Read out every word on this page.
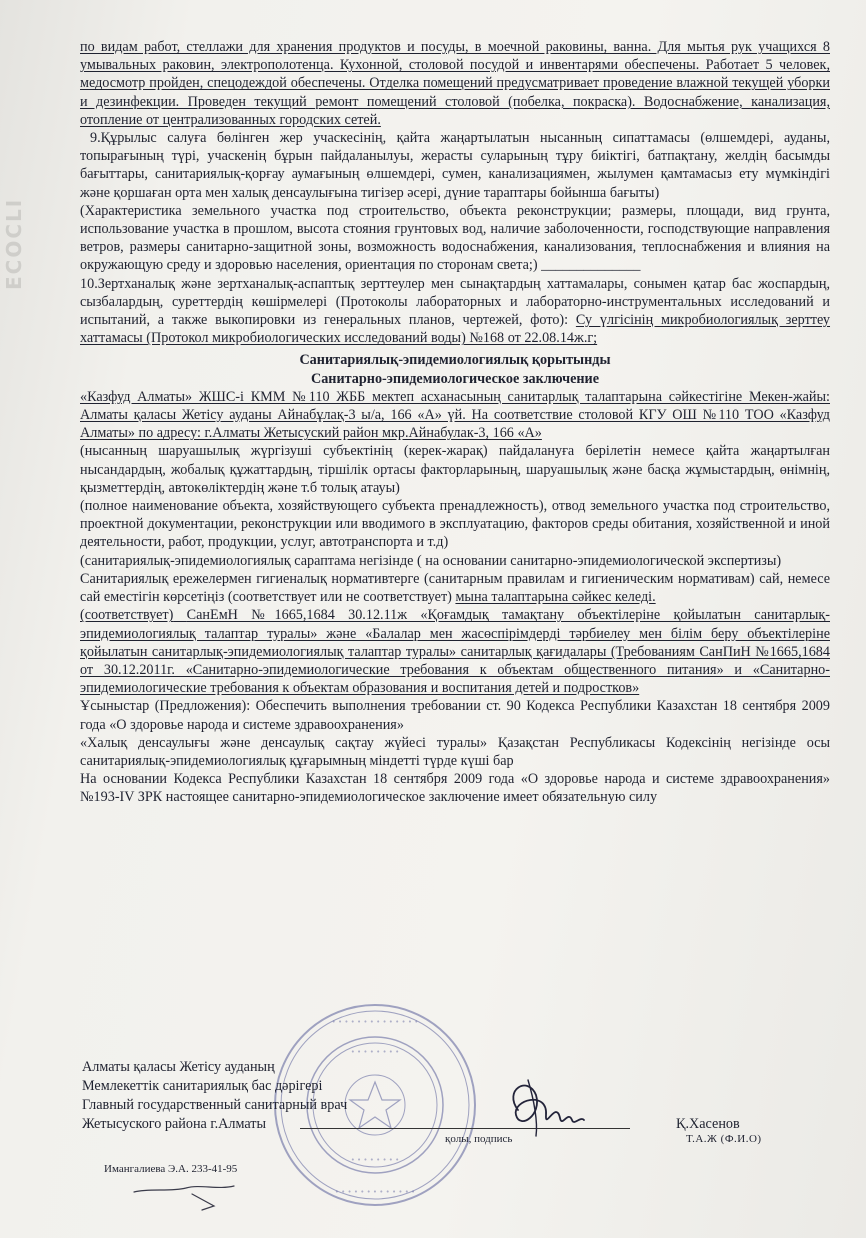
ECOCLI

по видам работ, стеллажи для хранения продуктов и посуды, в моечной раковины, ванна. Для мытья рук учащихся 8 умывальных раковин, электрополотенца. Кухонной, столовой посудой и инвентарями обеспечены. Работает 5 человек, медосмотр пройден, спецодеждой обеспечены. Отделка помещений предусматривает проведение влажной текущей уборки и дезинфекции. Проведен текущий ремонт помещений столовой (побелка, покраска). Водоснабжение, канализация, отопление от централизованных городских сетей.

9.Құрылыс салуға бөлінген жер учаскесінің, қайта жаңартылатын нысанның сипаттамасы (өлшемдері, ауданы, топырағының түрі, учаскенің бұрын пайдаланылуы, жерасты суларының тұру биіктігі, батпақтану, желдің басымды бағыттары, санитариялық-қорғау аумағының өлшемдері, сумен, канализациямен, жылумен қамтамасыз ету мүмкіндігі және қоршаған орта мен халық денсаулығына тигізер әсері, дүние тараптары бойынша бағыты)

(Характеристика земельного участка под строительство, объекта реконструкции; размеры, площади, вид грунта, использование участка в прошлом, высота стояния грунтовых вод, наличие заболоченности, господствующие направления ветров, размеры санитарно-защитной зоны, возможность водоснабжения, канализования, теплоснабжения и влияния на окружающую среду и здоровью населения, ориентация по сторонам света;) ______________

10.Зертханалық және зертханалық-аспаптық зерттеулер мен сынақтардың хаттамалары, сонымен қатар бас жоспардың, сызбалардың, суреттердің көшірмелері (Протоколы лабораторных и лабораторно-инструментальных исследований и испытаний, а также выкопировки из генеральных планов, чертежей, фото): Су үлгісінің микробиологиялық зерттеу хаттамасы (Протокол микробиологических исследований воды) №168 от 22.08.14ж.г;

Санитариялық-эпидемиологиялық қорытынды

Санитарно-эпидемиологическое заключение

«Казфуд Алматы» ЖШС-і КММ №110 ЖББ мектеп асханасының санитарлық талаптарына сәйкестігіне Мекен-жайы: Алматы қаласы Жетісу ауданы Айнабұлақ-3 ы/а, 166 «А» үй. На соответствие столовой КГУ ОШ №110 ТОО «Казфуд Алматы» по адресу: г.Алматы Жетысуский район мкр.Айнабулак-3, 166 «А»

(нысанның шаруашылық жүргізуші субъектінің (керек-жарақ) пайдалануға берілетін немесе қайта жаңартылған нысандардың, жобалық құжаттардың, тіршілік ортасы факторларының, шаруашылық және басқа жұмыстардың, өнімнің, қызметтердің, автокөліктердің және т.б толық атауы)

(полное наименование объекта, хозяйствующего субъекта пренадлежность), отвод земельного участка под строительство, проектной документации, реконструкции или вводимого в эксплуатацию, факторов среды обитания, хозяйственной и иной деятельности, работ, продукции, услуг, автотранспорта и т.д)

(санитариялық-эпидемиологиялық сараптама негізінде ( на основании санитарно-эпидемиологической экспертизы)

Санитариялық ережелермен гигиеналық нормативтерге (санитарным правилам и гигиеническим нормативам) сай, немесе сай еместігін көрсетіңіз (соответствует или не соответствует) мына талаптарына сәйкес келеді.

(соответствует) СанЕмН №1665,1684 30.12.11ж «Қоғамдық тамақтану объектілеріне қойылатын санитарлық-эпидемиологиялық талаптар туралы» және «Балалар мен жасөспірімдерді тәрбиелеу мен білім беру объектілеріне қойылатын санитарлық-эпидемиологиялық талаптар туралы» санитарлық қағидалары (Требованиям СанПиН №1665,1684 от 30.12.2011г. «Санитарно-эпидемиологические требования к объектам общественного питания» и «Санитарно-эпидемиологические требования к объектам образования и воспитания детей и подростков»

Ұсыныстар (Предложения): Обеспечить выполнения требовании ст. 90 Кодекса Республики Казахстан 18 сентября 2009 года «О здоровье народа и системе здравоохранения»

«Халық денсаулығы және денсаулық сақтау жүйесі туралы» Қазақстан Республикасы Кодексінің негізіндe осы санитариялық-эпидемиологиялық құғарымның міндетті түрде күші бар

На основании Кодекса Республики Казахстан 18 сентября 2009 года «О здоровье народа и системе здравоохранения» №193-IV ЗРК настоящее санитарно-эпидемиологическое заключение имеет обязательную силу

• • • • • • • • • • • • • •
• • • • • • • • • • • • •
• • • • • • • •
• • • • • • • •
Алматы қаласы Жетісу ауданың
Мемлекеттік санитариялық бас дәрігері
Главный государственный санитарный врач
Жетысуского района г.Алматы
қолы, подпись
Қ.Хасенов
Т.А.Ж (Ф.И.О)
Имангалиева Э.А. 233-41-95
